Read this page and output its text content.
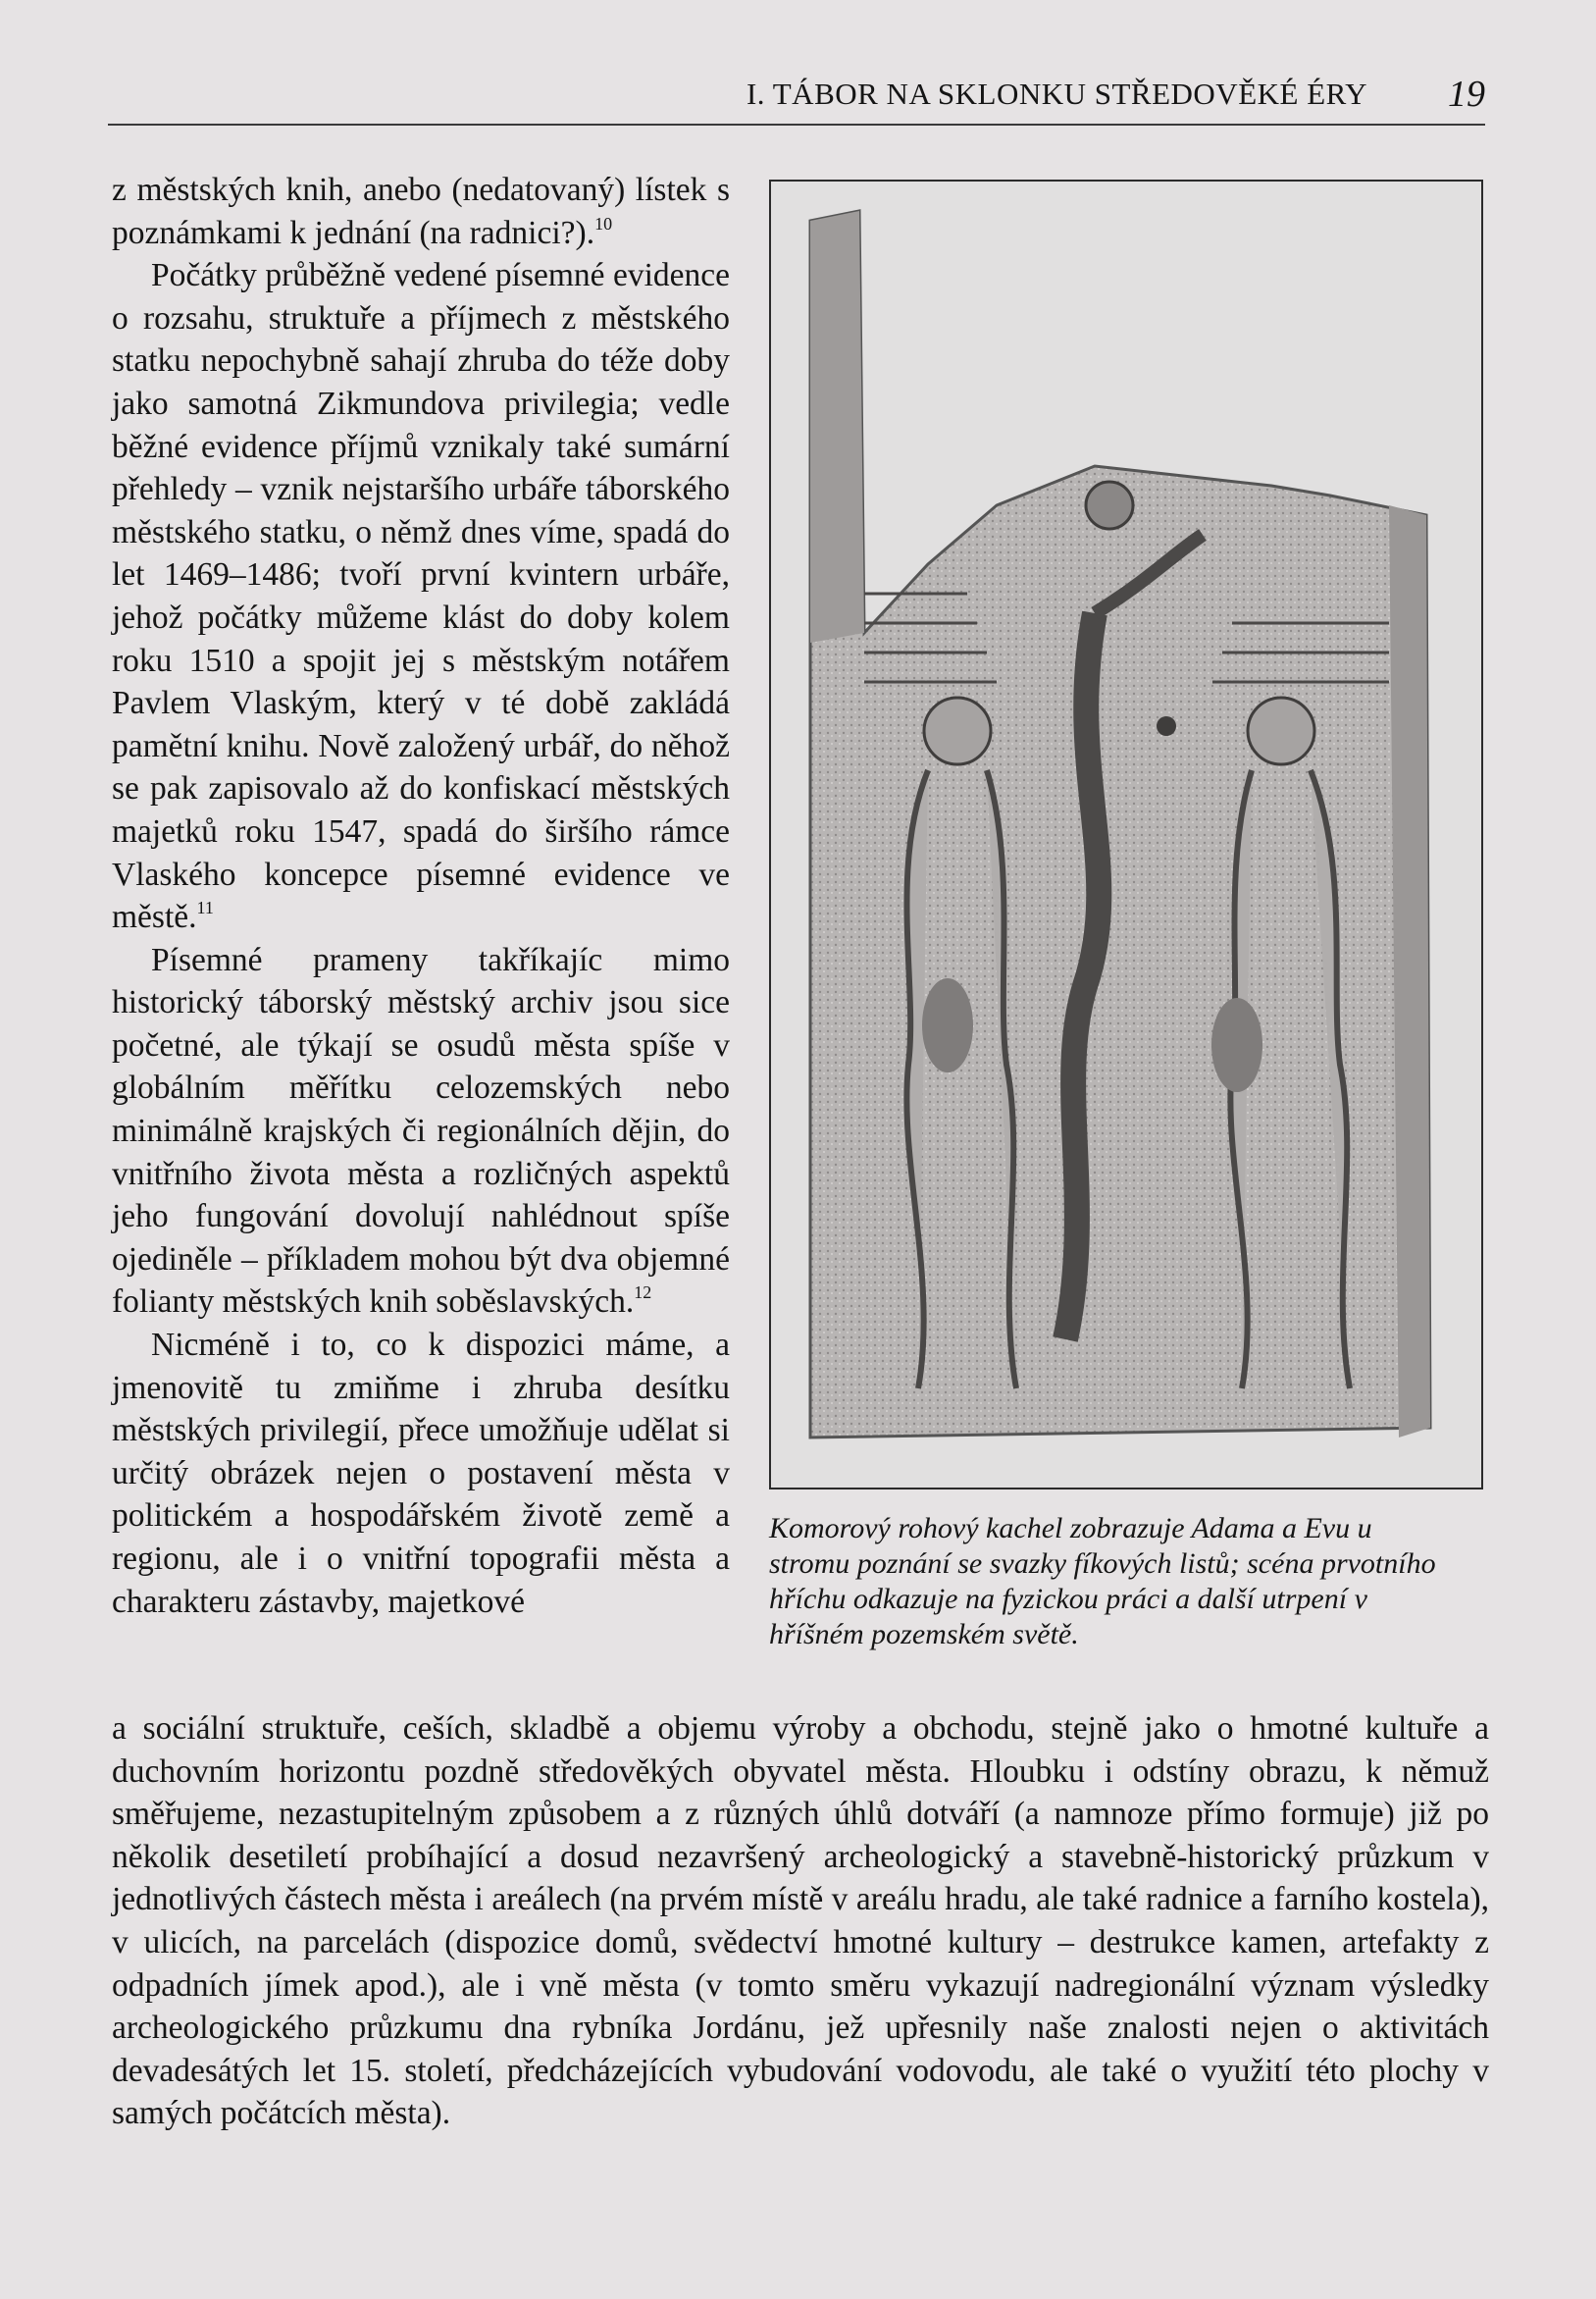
I. TÁBOR NA SKLONKU STŘEDOVĚKÉ ÉRY 19

z městských knih, anebo (nedatovaný) lístek s poznámkami k jednání (na radnici?).$^{10}$

Počátky průběžně vedené písemné evidence o rozsahu, struktuře a příjmech z městského statku nepochybně sahají zhruba do téže doby jako samotná Zikmundova privilegia; vedle běžné evidence příjmů vznikaly také sumární přehledy – vznik nejstaršího urbáře táborského městského statku, o němž dnes víme, spadá do let 1469–1486; tvoří první kvintern urbáře, jehož počátky můžeme klást do doby kolem roku 1510 a spojit jej s městským notářem Pavlem Vlaským, který v té době zakládá pamětní knihu. Nově založený urbář, do něhož se pak zapisovalo až do konfiskací městských majetků roku 1547, spadá do širšího rámce Vlaského koncepce písemné evidence ve městě.$^{11}$

Písemné prameny takříkajíc mimo historický táborský městský archiv jsou sice početné, ale týkají se osudů města spíše v globálním měřítku celozemských nebo minimálně krajských či regionálních dějin, do vnitřního života města a rozličných aspektů jeho fungování dovolují nahlédnout spíše ojediněle – příkladem mohou být dva objemné folianty městských knih soběslavských.$^{12}$

Nicméně i to, co k dispozici máme, a jmenovitě tu zmiňme i zhruba desítku městských privilegií, přece umožňuje udělat si určitý obrázek nejen o postavení města v politickém a hospodářském životě země a regionu, ale i o vnitřní topografii města a charakteru zástavby, majetkové

Komorový rohový kachel zobrazuje Adama a Evu u stromu poznání se svazky fíkových listů; scéna prvotního hříchu odkazuje na fyzickou práci a další utrpení v hříšném pozemském světě.
a sociální struktuře, ceších, skladbě a objemu výroby a obchodu, stejně jako o hmotné kultuře a duchovním horizontu pozdně středověkých obyvatel města. Hloubku i odstíny obrazu, k němuž směřujeme, nezastupitelným způsobem a z různých úhlů dotváří (a namnoze přímo formuje) již po několik desetiletí probíhající a dosud nezavršený archeologický a stavebně-historický průzkum v jednotlivých částech města i areálech (na prvém místě v areálu hradu, ale také radnice a farního kostela), v ulicích, na parcelách (dispozice domů, svědectví hmotné kultury – destrukce kamen, artefakty z odpadních jímek apod.), ale i vně města (v tomto směru vykazují nadregionální význam výsledky archeologického průzkumu dna rybníka Jordánu, jež upřesnily naše znalosti nejen o aktivitách devadesátých let 15. století, předcházejících vybudování vodovodu, ale také o využití této plochy v samých počátcích města).
